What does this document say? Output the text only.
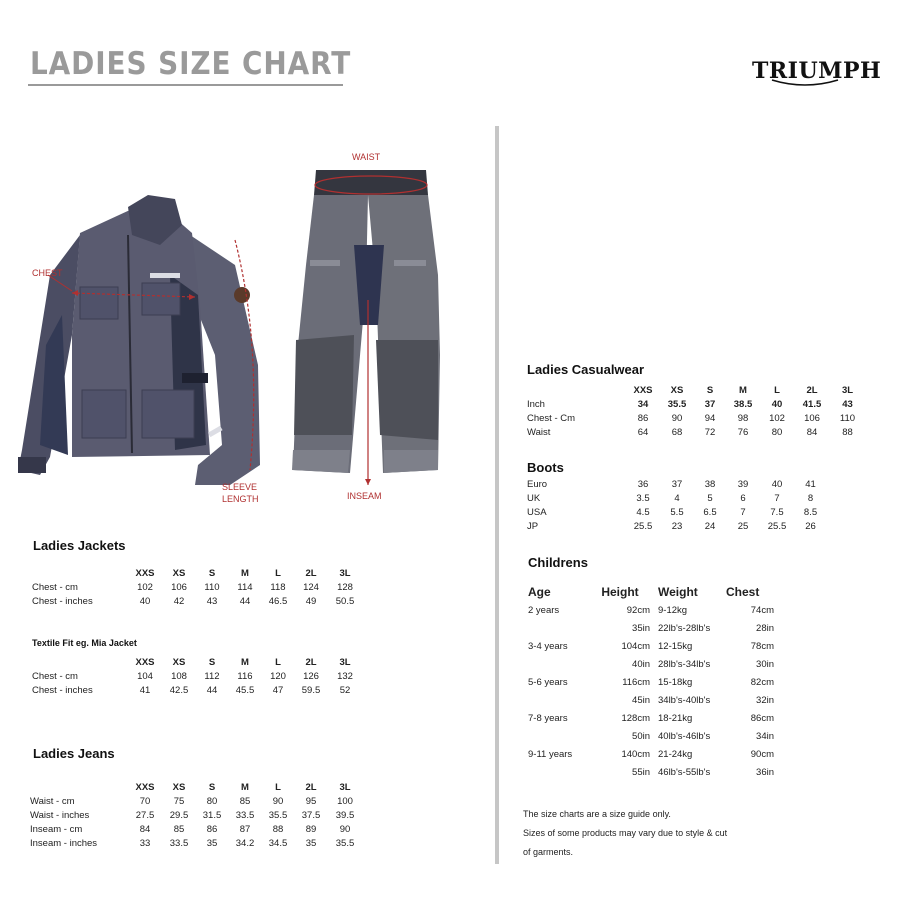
LADIES SIZE CHART	TRIUMPH
CHEST
SLEEVE
LENGTH
WAIST
INSEAM
Ladies Jackets
	XXS	XS	S	M	L	2L	3L
Chest - cm	102	106	110	114	118	124	128
Chest - inches	40	42	43	44	46.5	49	50.5
Textile Fit eg. Mia Jacket
	XXS	XS	S	M	L	2L	3L
Chest - cm	104	108	112	116	120	126	132
Chest - inches	41	42.5	44	45.5	47	59.5	52
Ladies Jeans
	XXS	XS	S	M	L	2L	3L
Waist - cm	70	75	80	85	90	95	100
Waist - inches	27.5	29.5	31.5	33.5	35.5	37.5	39.5
Inseam - cm	84	85	86	87	88	89	90
Inseam - inches	33	33.5	35	34.2	34.5	35	35.5
Ladies Casualwear
	XXS	XS	S	M	L	2L	3L
Inch	34	35.5	37	38.5	40	41.5	43
Chest - Cm	86	90	94	98	102	106	110
Waist	64	68	72	76	80	84	88
Boots
Euro	36	37	38	39	40	41
UK	3.5	4	5	6	7	8
USA	4.5	5.5	6.5	7	7.5	8.5
JP	25.5	23	24	25	25.5	26
Childrens
Age	Height	Weight	Chest
2 years	92cm	9-12kg	74cm
	35in	22lb's-28lb's	28in
3-4 years	104cm	12-15kg	78cm
	40in	28lb's-34lb's	30in
5-6 years	116cm	15-18kg	82cm
	45in	34lb's-40lb's	32in
7-8 years	128cm	18-21kg	86cm
	50in	40lb's-46lb's	34in
9-11 years	140cm	21-24kg	90cm
	55in	46lb's-55lb's	36in
The size charts are a size guide only.
Sizes of some products may vary due to style & cut
of garments.
